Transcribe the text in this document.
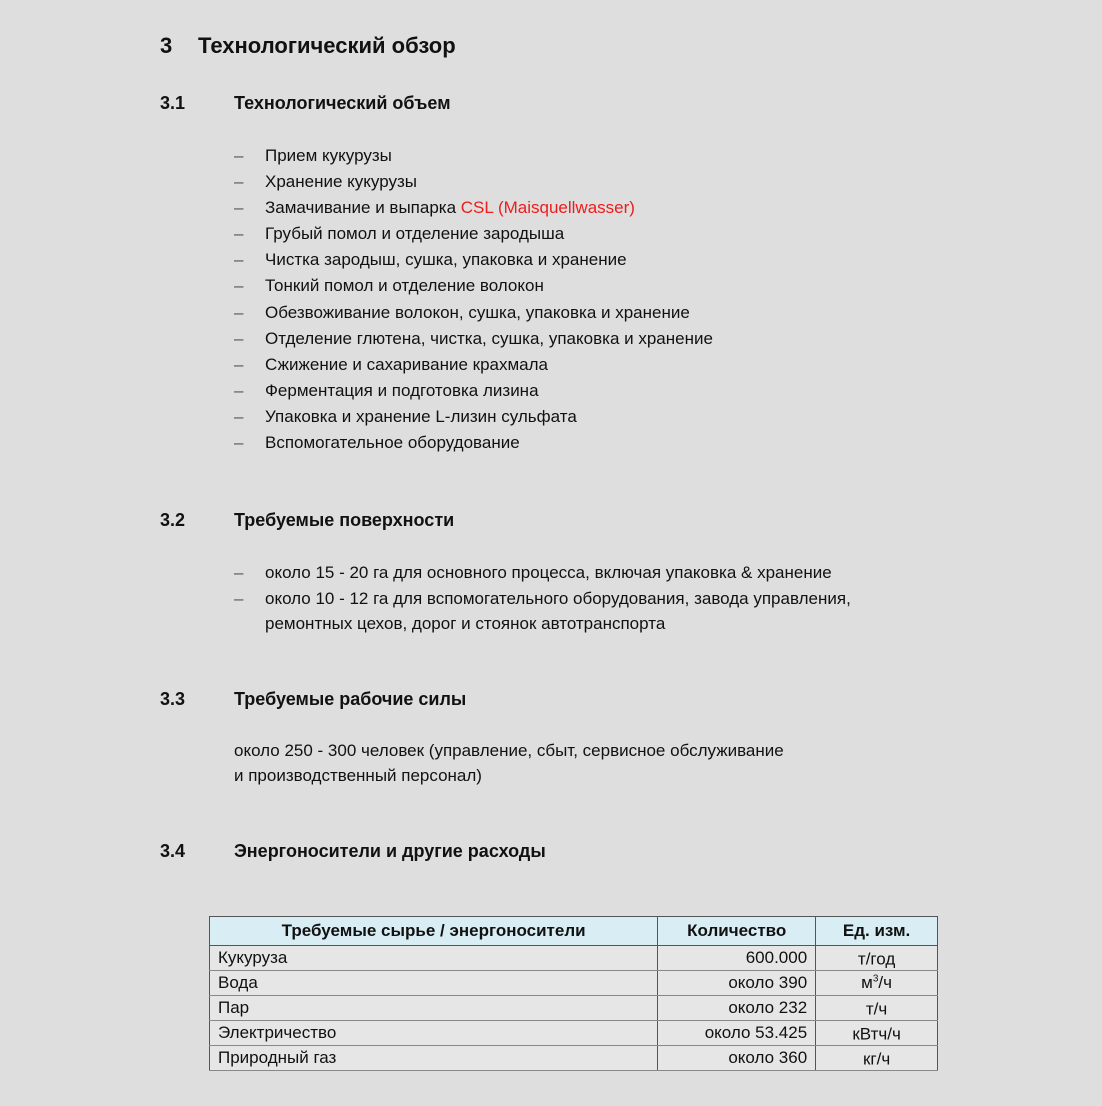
3 Технологический обзор
3.1	Технологический объем
– Прием кукурузы
– Хранение кукурузы
– Замачивание и выпарка CSL (Maisquellwasser)
– Грубый помол и отделение зародыша
– Чистка зародыш, сушка, упаковка и хранение
– Тонкий помол и отделение волокон
– Обезвоживание волокон, сушка, упаковка и хранение
– Отделение глютена, чистка, сушка, упаковка и хранение
– Сжижение и сахаривание крахмала
– Ферментация и подготовка лизина
– Упаковка и хранение L-лизин сульфата
– Вспомогательное оборудование
3.2	Требуемые поверхности
– около 15 - 20 га для основного процесса, включая упаковка & хранение
– около 10 - 12 га для вспомогательного оборудования, завода управления,
ремонтных цехов, дорог и стоянок автотранспорта
3.3	Требуемые рабочие силы
около 250 - 300 человек (управление, сбыт, сервисное обслуживание
и производственный персонал)
3.4	Энергоносители и другие расходы
Требуемые сырье / энергоносители	Количество	Ед. изм.
Кукуруза	600.000	т/год
Вода	около 390	$м^3/ч$
Пар	около 232	т/ч
Электричество	около 53.425	кВтч/ч
Природный газ	около 360	кг/ч
